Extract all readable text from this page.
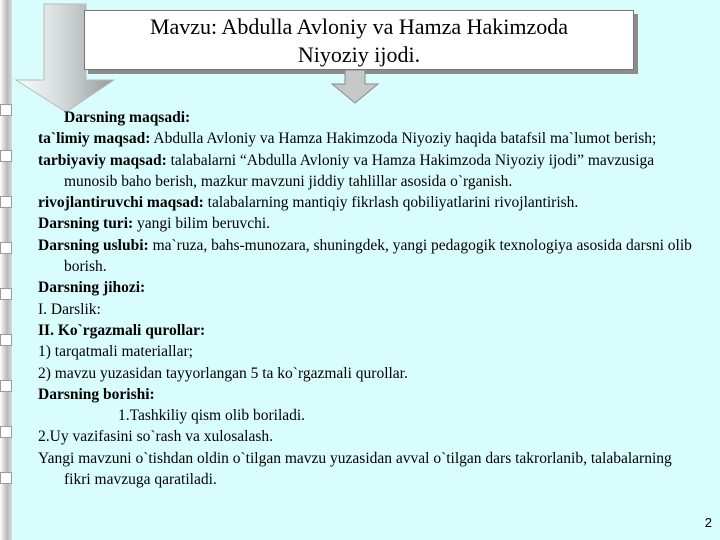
Mavzu: Abdulla Avloniy va Hamza Hakimzoda
Niyoziy ijodi.

Darsning maqsadi:

ta`limiy maqsad: Abdulla Avloniy va Hamza Hakimzoda Niyoziy haqida batafsil ma`lumot berish;

tarbiyaviy maqsad: talabalarni “Abdulla Avloniy va Hamza Hakimzoda Niyoziy ijodi” mavzusiga munosib baho berish, mazkur mavzuni jiddiy tahlillar asosida o`rganish.

rivojlantiruvchi maqsad: talabalarning mantiqiy fikrlash qobiliyatlarini rivojlantirish.

Darsning turi: yangi bilim beruvchi.

Darsning uslubi: ma`ruza, bahs-munozara, shuningdek, yangi pedagogik texnologiya asosida darsni olib borish.

Darsning jihozi:

I. Darslik:

II. Ko`rgazmali qurollar:

1) tarqatmali materiallar;

2) mavzu yuzasidan tayyorlangan 5 ta ko`rgazmali qurollar.

Darsning borishi:

1.Tashkiliy qism olib boriladi.

2.Uy vazifasini so`rash va xulosalash.

Yangi mavzuni o`tishdan oldin o`tilgan mavzu yuzasidan avval o`tilgan dars takrorlanib, talabalarning fikri mavzuga qaratiladi.

2
